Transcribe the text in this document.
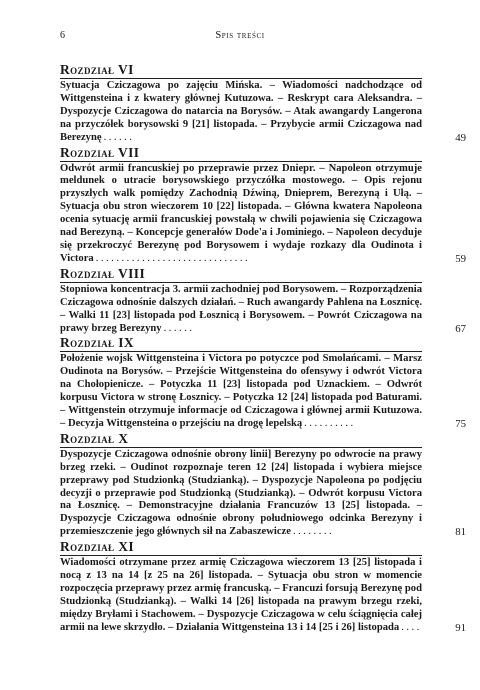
6	Spis treści
Rozdział VI

Sytuacja Cziczagowa po zajęciu Mińska. – Wiadomości nadchodzące od Wittgensteina i z kwatery głównej Kutuzowa. – Reskrypt cara Aleksandra. – Dyspozycje Cziczagowa do natarcia na Borysów. – Atak awangardy Langerona na przyczółek borysowski 9 [21] listopada. – Przybycie armii Cziczagowa nad Berezynę ......	49

Rozdział VII

Odwrót armii francuskiej po przeprawie przez Dniepr. – Napoleon otrzymuje meldunek o utracie borysowskiego przyczółka mostowego. – Opis rejonu przyszłych walk pomiędzy Zachodnią Dźwiną, Dnieprem, Berezyną i Ułą. – Sytuacja obu stron wieczorem 10 [22] listopada. – Główna kwatera Napoleona ocenia sytuację armii francuskiej powstałą w chwili pojawienia się Cziczagowa nad Berezyną. – Koncepcje generałów Dode'a i Jominiego. – Napoleon decyduje się przekroczyć Berezynę pod Borysowem i wydaje rozkazy dla Oudinota i Victora ..............................	59

Rozdział VIII

Stopniowa koncentracja 3. armii zachodniej pod Borysowem. – Rozporządzenia Cziczagowa odnośnie dalszych działań. – Ruch awangardy Pahlena na Łosznicę. – Walki 11 [23] listopada pod Łosznicą i Borysowem. – Powrót Cziczagowa na prawy brzeg Berezyny ......	67

Rozdział IX

Położenie wojsk Wittgensteina i Victora po potyczce pod Smolańcami. – Marsz Oudinota na Borysów. – Przejście Wittgensteina do ofensywy i odwrót Victora na Chołopienicze. – Potyczka 11 [23] listopada pod Uznackiem. – Odwrót korpusu Victora w stronę Łosznicy. – Potyczka 12 [24] listopada pod Baturami. – Wittgenstein otrzymuje informacje od Cziczagowa i głównej armii Kutuzowa. – Decyzja Wittgensteina o przejściu na drogę lepelską ..........	75

Rozdział X

Dyspozycje Cziczagowa odnośnie obrony linii] Berezyny po odwrocie na prawy brzeg rzeki. – Oudinot rozpoznaje teren 12 [24] listopada i wybiera miejsce przeprawy pod Studzionką (Studzianką). – Dyspozycje Napoleona po podjęciu decyzji o przeprawie pod Studzionką (Studzianką). – Odwrót korpusu Victora na Łosznicę. – Demonstracyjne działania Francuzów 13 [25] listopada. – Dyspozycje Cziczagowa odnośnie obrony południowego odcinka Berezyny i przemieszczenie jego głównych sił na Zabaszewicze ........	81

Rozdział XI

Wiadomości otrzymane przez armię Cziczagowa wieczorem 13 [25] listopada i nocą z 13 na 14 [z 25 na 26] listopada. – Sytuacja obu stron w momencie rozpoczęcia przeprawy przez armię francuską. – Francuzi forsują Berezynę pod Studzionką (Studzianką). – Walki 14 [26] listopada na prawym brzegu rzeki, między Bryłami i Stachowem. – Dyspozycje Cziczagowa w celu ściągnięcia całej armii na lewe skrzydło. – Działania Wittgensteina 13 i 14 [25 i 26] listopada ....	91
